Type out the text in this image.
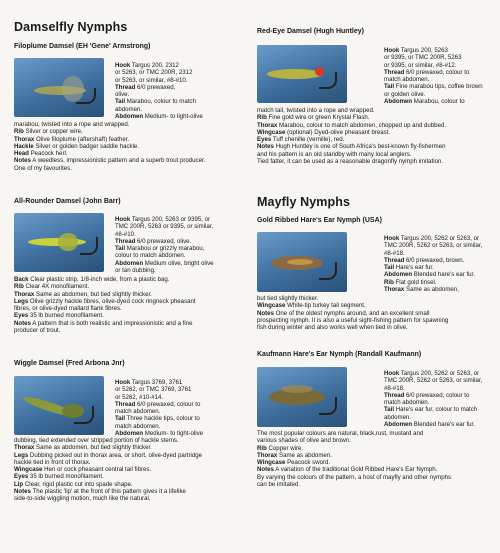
Damselfly Nymphs
Filoplume Damsel (EH 'Gene' Armstrong)
Hook Targus 200, 2312
or 5263, or TMC 200R, 2312
or 5263, or similar, #8-#10.
Thread 6/0 prewaxed,
olive.
Tail Marabou, colour to match
abdomen.
Abdomen Medium- to light-olive
marabou, twisted into a rope and wrapped.
Rib Silver or copper wire.
Thorax Olive filoplume (aftershaft) feather.
Hackle Silver or golden badger saddle hackle.
Head Peacock herl.
Notes A weedless, impressionistic pattern and a superb trout producer.
One of my favourites.
All-Rounder Damsel (John Barr)
Hook Targus 200, 5263 or 9395, or
TMC 200R, 5263 or 9395, or similar,
#8-#10.
Thread 6/0 prewaxed, olive.
Tail Marabou or grizzly marabou,
colour to match abdomen.
Abdomen Medium olive, bright olive
or tan dubbing.
Back Clear plastic strip, 1/8-inch wide, from a plastic bag.
Rib Clear 4X monofilament.
Thorax Same as abdomen, but tied slightly thicker.
Legs Olive grizzly hackle fibres, olive-dyed cock ringneck pheasant
fibres, or olive-dyed mallard flank fibres.
Eyes 35 lb burned monofilament.
Notes A pattern that is both realistic and impressionistic and a fine
producer of trout.
Wiggle Damsel (Fred Arbona Jnr)
Hook Targus 3769, 3761
or 5262, or TMC 3769, 3761
or 5262, #10-#14.
Thread 6/0 prewaxed, colour to
match abdomen.
Tail Three hackle tips, colour to
match abdomen.
Abdomen Medium- to tight-olive
dubbing, tied extended over stripped portion of hackle stems.
Thorax Same as abdomen, but tied slightly thicker.
Legs Dubbing picked out in thorax area, or short, olive-dyed partridge
hackle tied in front of thorax.
Wingcase Hen or cock pheasant central tail fibres.
Eyes 35 lb burned monofilament.
Lip Clear, rigid plastic cut into spade shape.
Notes The plastic 'lip' at the front of this pattern gives it a lifelike
side-to-side wiggling motion, much like the natural.
Red-Eye Damsel (Hugh Huntley)
Hook Targus 200, 5263
or 9395, or TMC 200R, 5263
or 9395, or similar, #8-#12.
Thread 6/0 prewaxed, colour to
match abdomen.
Tail Fine marabou tips, coffee brown
or golden olive.
Abdomen Marabou, colour to
match tail, twisted into a rope and wrapped.
Rib Fine gold wire or green Krystal Flash.
Thorax Marabou, colour to match abdomen, chopped up and dubbed.
Wingcase (optional) Dyed-olive pheasant breast.
Eyes Tuff chenille (vernille), red.
Notes Hugh Huntley is one of South Africa's best-known fly-fishermen
and his pattern is an old standby with many local anglers.
Tied fatter, it can be used as a reasonable dragonfly nymph imitation.
Mayfly Nymphs
Gold Ribbed Hare's Ear Nymph (USA)
Hook Targus 200, 5262 or 5263, or
TMC 200R, 5262 or 5263, or similar,
#8-#18.
Thread 6/0 prewaxed, brown.
Tail Hare's ear fur.
Abdomen Blended hare's ear fur.
Rib Flat gold tinsel.
Thorax Same as abdomen,
but tied slightly thicker.
Wingcase White-tip turkey tail segment.
Notes One of the oldest nymphs around, and an excellent small
prospecting nymph. It is also a useful sight-fishing pattern for spawning
fish during winter and also works well when tied in olive.
Kaufmann Hare's Ear Nymph (Randall Kaufmann)
Hook Targus 200, 5262 or 5263, or
TMC 200R, 5262 or 5263, or similar,
#8-#18.
Thread 6/0 prewaxed, colour to
match abdomen.
Tail Hare's ear fur, colour to match
abdomen.
Abdomen Blended hare's ear fur.
The most popular colours are natural, black,rust, mustard and
various shades of olive and brown.
Rib Copper wire.
Thorax Same as abdomen.
Wingcase Peacock sword.
Notes A variation of the traditional Gold Ribbed Hare's Ear Nymph.
By varying the colours of the pattern, a host of mayfly and other nymphs
can be imitated.
